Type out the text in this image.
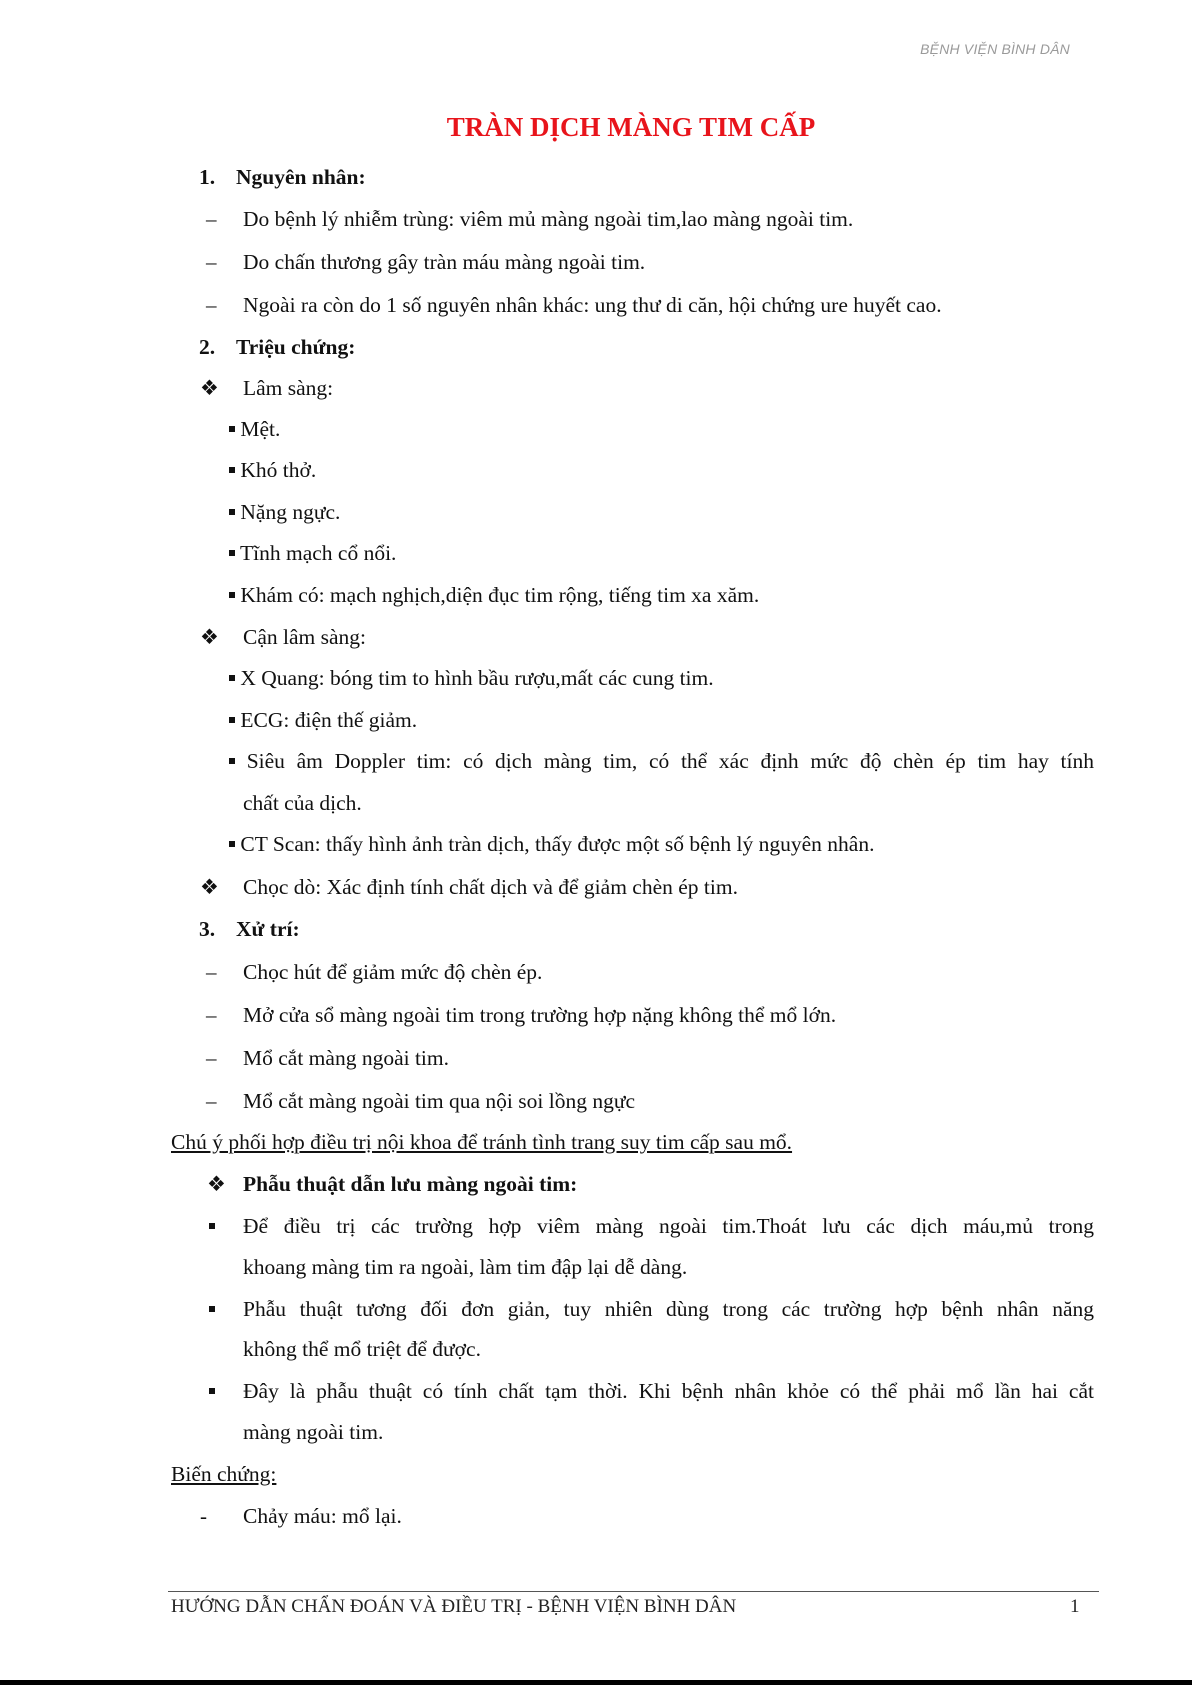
BỆNH VIỆN BÌNH DÂN
TRÀN DỊCH MÀNG TIM CẤP
1. Nguyên nhân:
– Do bệnh lý nhiễm trùng: viêm mủ màng ngoài tim,lao màng ngoài tim.
– Do chấn thương gây tràn máu màng ngoài tim.
– Ngoài ra còn do 1 số nguyên nhân khác: ung thư di căn, hội chứng ure huyết cao.
2. Triệu chứng:
❖ Lâm sàng:
Mệt.
Khó thở.
Nặng ngực.
Tĩnh mạch cổ nổi.
Khám có: mạch nghịch,diện đục tim rộng, tiếng tim xa xăm.
❖ Cận lâm sàng:
X Quang: bóng tim to hình bầu rượu,mất các cung tim.
ECG: điện thế giảm.
Siêu âm Doppler tim: có dịch màng tim, có thể xác định mức độ chèn ép tim hay tính
chất của dịch.
CT Scan: thấy hình ảnh tràn dịch, thấy được một số bệnh lý nguyên nhân.
❖ Chọc dò: Xác định tính chất dịch và để giảm chèn ép tim.
3. Xử trí:
– Chọc hút để giảm mức độ chèn ép.
– Mở cửa sổ màng ngoài tim trong trường hợp nặng không thể mổ lớn.
– Mổ cắt màng ngoài tim.
– Mổ cắt màng ngoài tim qua nội soi lồng ngực
Chú ý phối hợp điều trị nội khoa để tránh tình trang suy tim cấp sau mổ.
❖ Phẫu thuật dẫn lưu màng ngoài tim:
Để điều trị các trường hợp viêm màng ngoài tim.Thoát lưu các dịch máu,mủ trong
khoang màng tim ra ngoài, làm tim đập lại dễ dàng.
Phẫu thuật tương đối đơn giản, tuy nhiên dùng trong các trường hợp bệnh nhân năng
không thể mổ triệt để được.
Đây là phẫu thuật có tính chất tạm thời. Khi bệnh nhân khỏe có thể phải mổ lần hai cắt
màng ngoài tim.
Biến chứng:
- Chảy máu: mổ lại.
HƯỚNG DẪN CHẨN ĐOÁN VÀ ĐIỀU TRỊ - BỆNH VIỆN BÌNH DÂN	1
